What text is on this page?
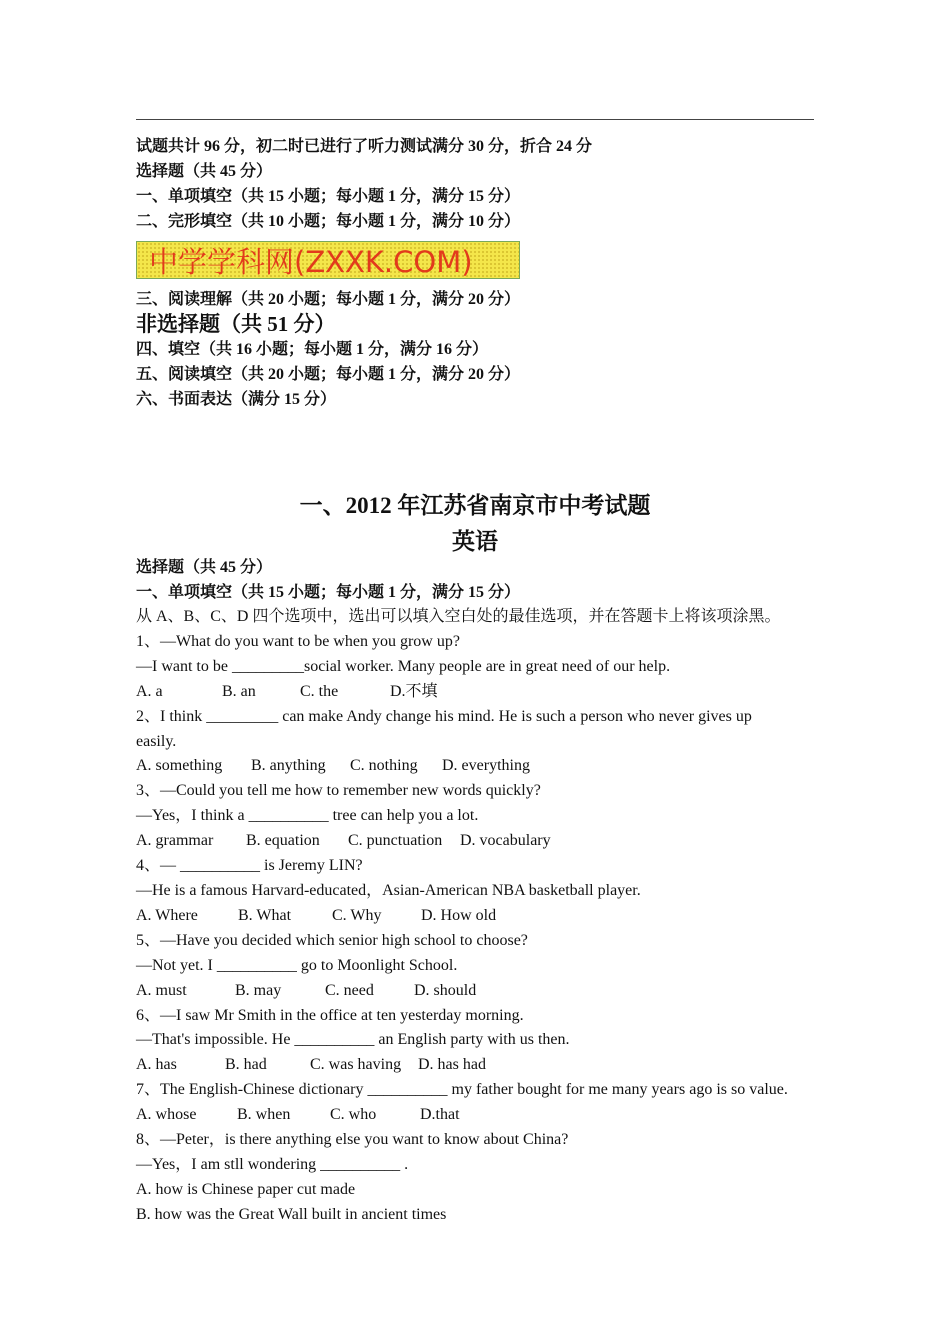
试题共计 96 分，初二时已进行了听力测试满分 30 分，折合 24 分
选择题（共 45 分）
一、单项填空（共 15 小题；每小题 1 分，满分 15 分）
二、完形填空（共 10 小题；每小题 1 分，满分 10 分）
中学学科网(ZXXK.COM)
三、阅读理解（共 20 小题；每小题 1 分，满分 20 分）
非选择题（共 51 分）
四、填空（共 16 小题；每小题 1 分，满分 16 分）
五、阅读填空（共 20 小题；每小题 1 分，满分 20 分）
六、书面表达（满分 15 分）
一、2012 年江苏省南京市中考试题
英语
选择题（共 45 分）
一、单项填空（共 15 小题；每小题 1 分，满分 15 分）
从 A、B、C、D 四个选项中，选出可以填入空白处的最佳选项，并在答题卡上将该项涂黑。
1、—What do you want to be when you grow up?
—I want to be _________social worker. Many people are in great need of our help.
A. a	B. an	C. the	D.不填
2、I think _________ can make Andy change his mind. He is such a person who never gives up
easily.
A. something	B. anything	C. nothing	D. everything
3、—Could you tell me how to remember new words quickly?
—Yes，I think a __________ tree can help you a lot.
A. grammar	B. equation	C. punctuation	D. vocabulary
4、— __________ is Jeremy LIN?
—He is a famous Harvard-educated，Asian-American NBA basketball player.
A. Where	B. What	C. Why	D. How old
5、—Have you decided which senior high school to choose?
—Not yet. I __________ go to Moonlight School.
A. must	B. may	C. need	D. should
6、—I saw Mr Smith in the office at ten yesterday morning.
—That's impossible. He __________ an English party with us then.
A. has	B. had	C. was having	D. has had
7、The English-Chinese dictionary __________ my father bought for me many years ago is so value.
A. whose	B. when	C. who	D.that
8、—Peter，is there anything else you want to know about China?
—Yes，I am stll wondering __________ .
A. how is Chinese paper cut made
B. how was the Great Wall built in ancient times
